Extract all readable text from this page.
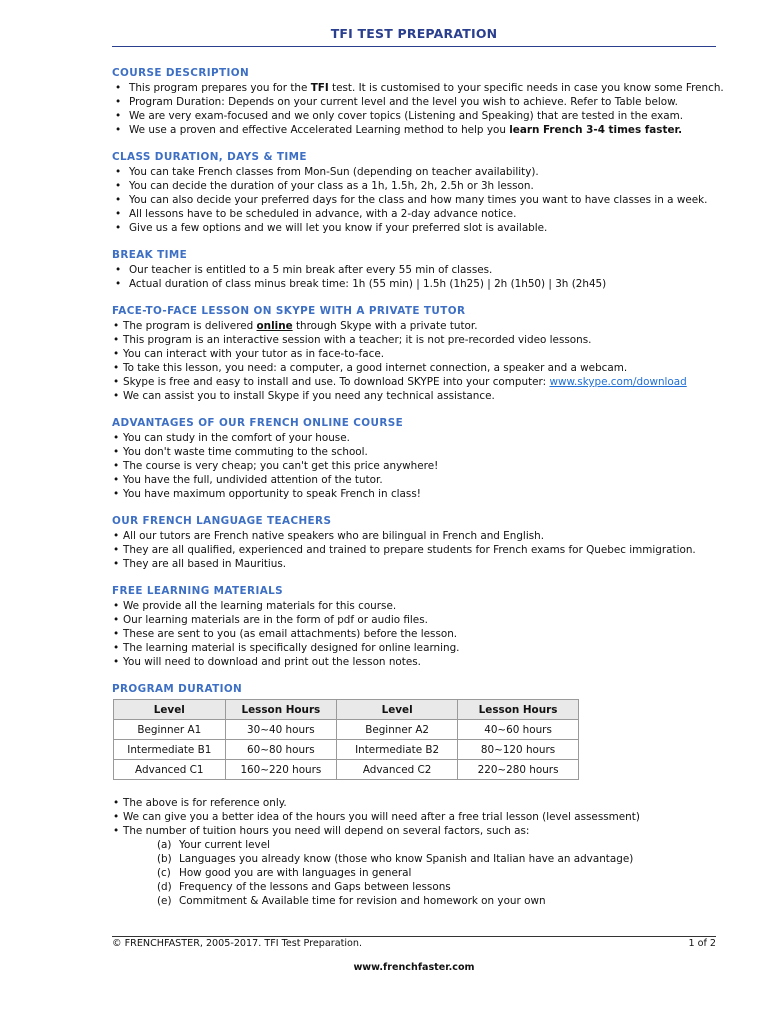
TFI TEST PREPARATION
COURSE DESCRIPTION
• This program prepares you for the TFI test. It is customised to your specific needs in case you know some French.
• Program Duration: Depends on your current level and the level you wish to achieve. Refer to Table below.
• We are very exam-focused and we only cover topics (Listening and Speaking) that are tested in the exam.
• We use a proven and effective Accelerated Learning method to help you learn French 3-4 times faster.
CLASS DURATION, DAYS & TIME
• You can take French classes from Mon-Sun (depending on teacher availability).
• You can decide the duration of your class as a 1h, 1.5h, 2h, 2.5h or 3h lesson.
• You can also decide your preferred days for the class and how many times you want to have classes in a week.
• All lessons have to be scheduled in advance, with a 2-day advance notice.
• Give us a few options and we will let you know if your preferred slot is available.
BREAK TIME
• Our teacher is entitled to a 5 min break after every 55 min of classes.
• Actual duration of class minus break time: 1h (55 min) | 1.5h (1h25) | 2h (1h50) | 3h (2h45)
FACE-TO-FACE LESSON ON SKYPE WITH A PRIVATE TUTOR
• The program is delivered online through Skype with a private tutor.
• This program is an interactive session with a teacher; it is not pre-recorded video lessons.
• You can interact with your tutor as in face-to-face.
• To take this lesson, you need: a computer, a good internet connection, a speaker and a webcam.
• Skype is free and easy to install and use. To download SKYPE into your computer: www.skype.com/download
• We can assist you to install Skype if you need any technical assistance.
ADVANTAGES OF OUR FRENCH ONLINE COURSE
• You can study in the comfort of your house.
• You don't waste time commuting to the school.
• The course is very cheap; you can't get this price anywhere!
• You have the full, undivided attention of the tutor.
• You have maximum opportunity to speak French in class!
OUR FRENCH LANGUAGE TEACHERS
• All our tutors are French native speakers who are bilingual in French and English.
• They are all qualified, experienced and trained to prepare students for French exams for Quebec immigration.
• They are all based in Mauritius.
FREE LEARNING MATERIALS
• We provide all the learning materials for this course.
• Our learning materials are in the form of pdf or audio files.
• These are sent to you (as email attachments) before the lesson.
• The learning material is specifically designed for online learning.
• You will need to download and print out the lesson notes.
PROGRAM DURATION
Level	Lesson Hours	Level	Lesson Hours
Beginner A1	30~40 hours	Beginner A2	40~60 hours
Intermediate B1	60~80 hours	Intermediate B2	80~120 hours
Advanced C1	160~220 hours	Advanced C2	220~280 hours
• The above is for reference only.
• We can give you a better idea of the hours you will need after a free trial lesson (level assessment)
• The number of tuition hours you need will depend on several factors, such as:
(a) Your current level
(b) Languages you already know (those who know Spanish and Italian have an advantage)
(c) How good you are with languages in general
(d) Frequency of the lessons and Gaps between lessons
(e) Commitment & Available time for revision and homework on your own
© FRENCHFASTER, 2005-2017. TFI Test Preparation.	1 of 2
www.frenchfaster.com
